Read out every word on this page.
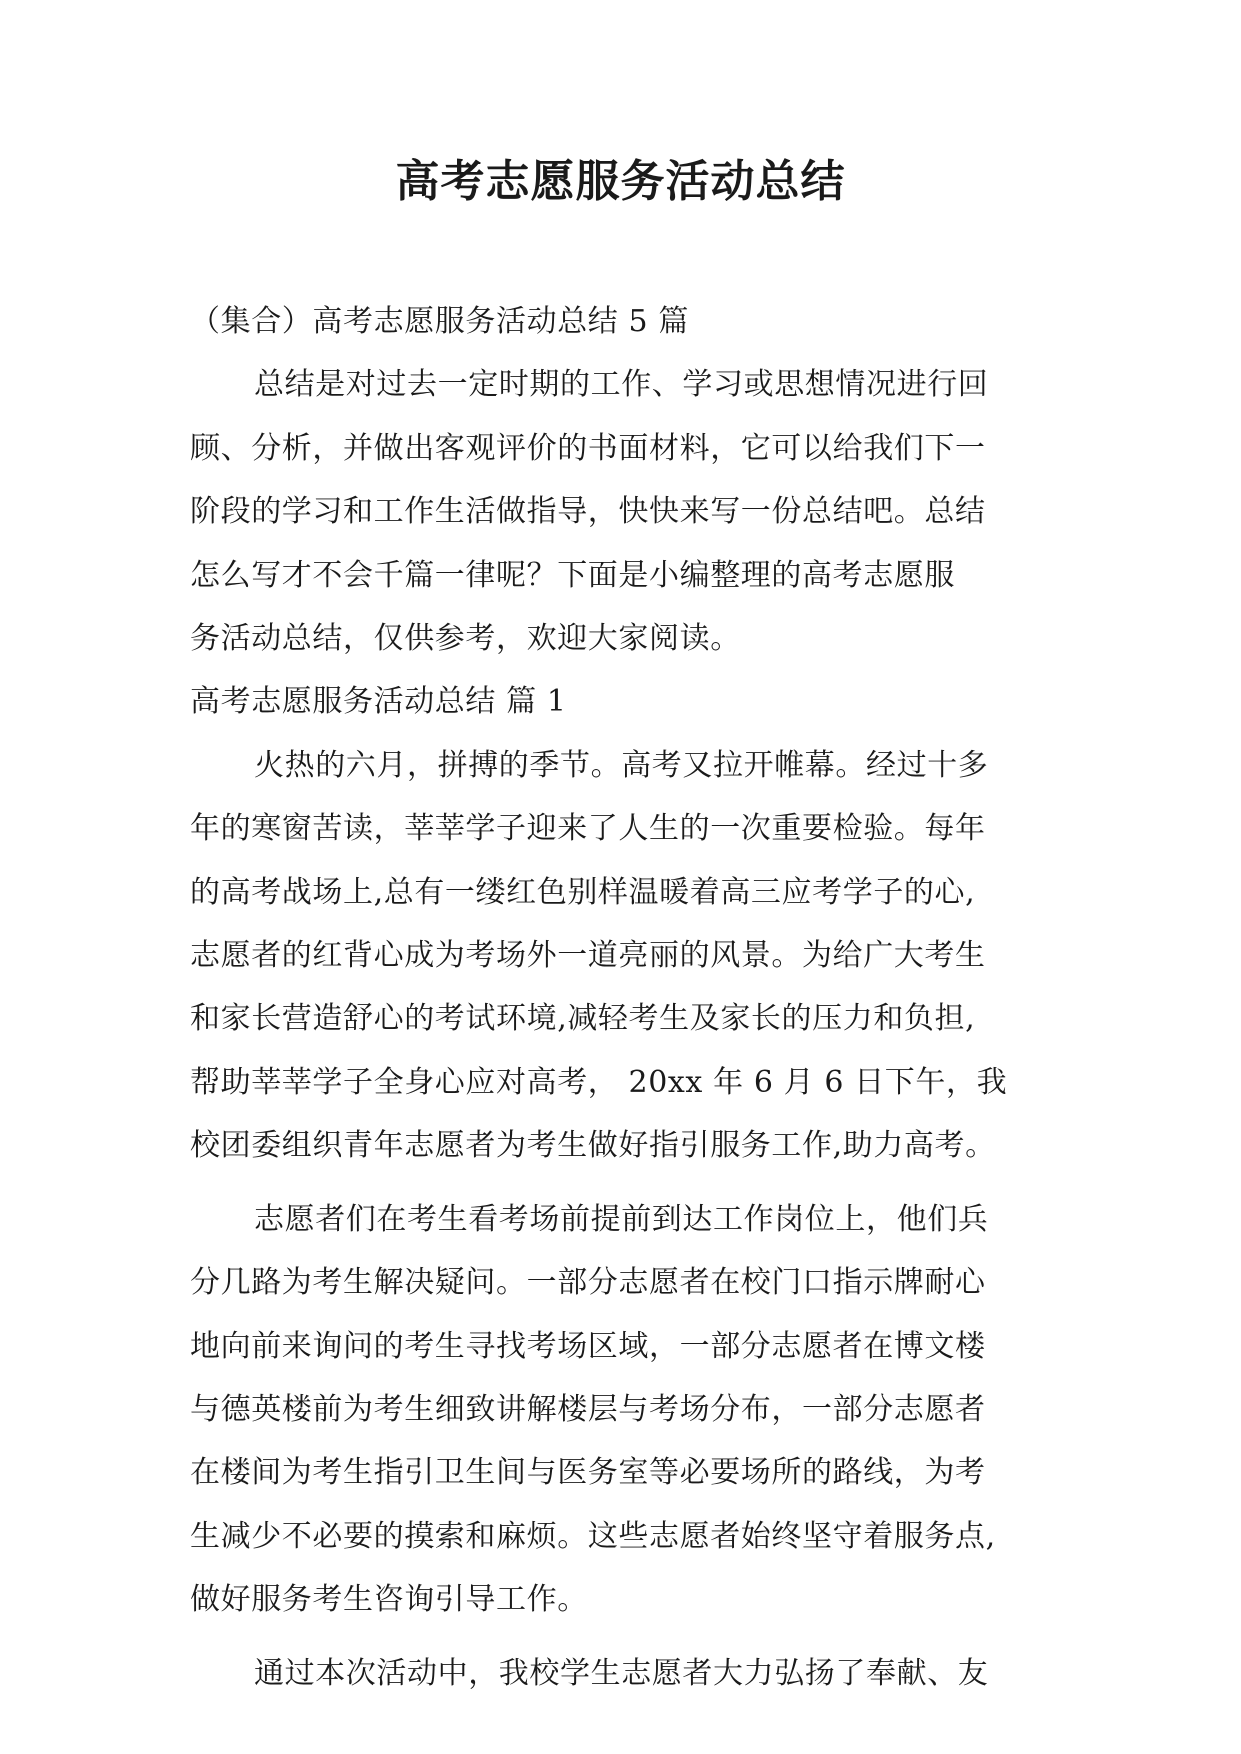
高考志愿服务活动总结

（集合）高考志愿服务活动总结 5 篇

总结是对过去一定时期的工作、学习或思想情况进行回

顾、分析，并做出客观评价的书面材料，它可以给我们下一

阶段的学习和工作生活做指导，快快来写一份总结吧。总结

怎么写才不会千篇一律呢？下面是小编整理的高考志愿服

务活动总结，仅供参考，欢迎大家阅读。

高考志愿服务活动总结 篇 1

火热的六月，拼搏的季节。高考又拉开帷幕。经过十多

年的寒窗苦读，莘莘学子迎来了人生的一次重要检验。每年

的高考战场上,总有一缕红色别样温暖着高三应考学子的心,

志愿者的红背心成为考场外一道亮丽的风景。为给广大考生

和家长营造舒心的考试环境,减轻考生及家长的压力和负担,

帮助莘莘学子全身心应对高考， 20xx 年 6 月 6 日下午，我

校团委组织青年志愿者为考生做好指引服务工作,助力高考。

志愿者们在考生看考场前提前到达工作岗位上，他们兵

分几路为考生解决疑问。一部分志愿者在校门口指示牌耐心

地向前来询问的考生寻找考场区域，一部分志愿者在博文楼

与德英楼前为考生细致讲解楼层与考场分布，一部分志愿者

在楼间为考生指引卫生间与医务室等必要场所的路线，为考

生减少不必要的摸索和麻烦。这些志愿者始终坚守着服务点,

做好服务考生咨询引导工作。

通过本次活动中，我校学生志愿者大力弘扬了奉献、友
